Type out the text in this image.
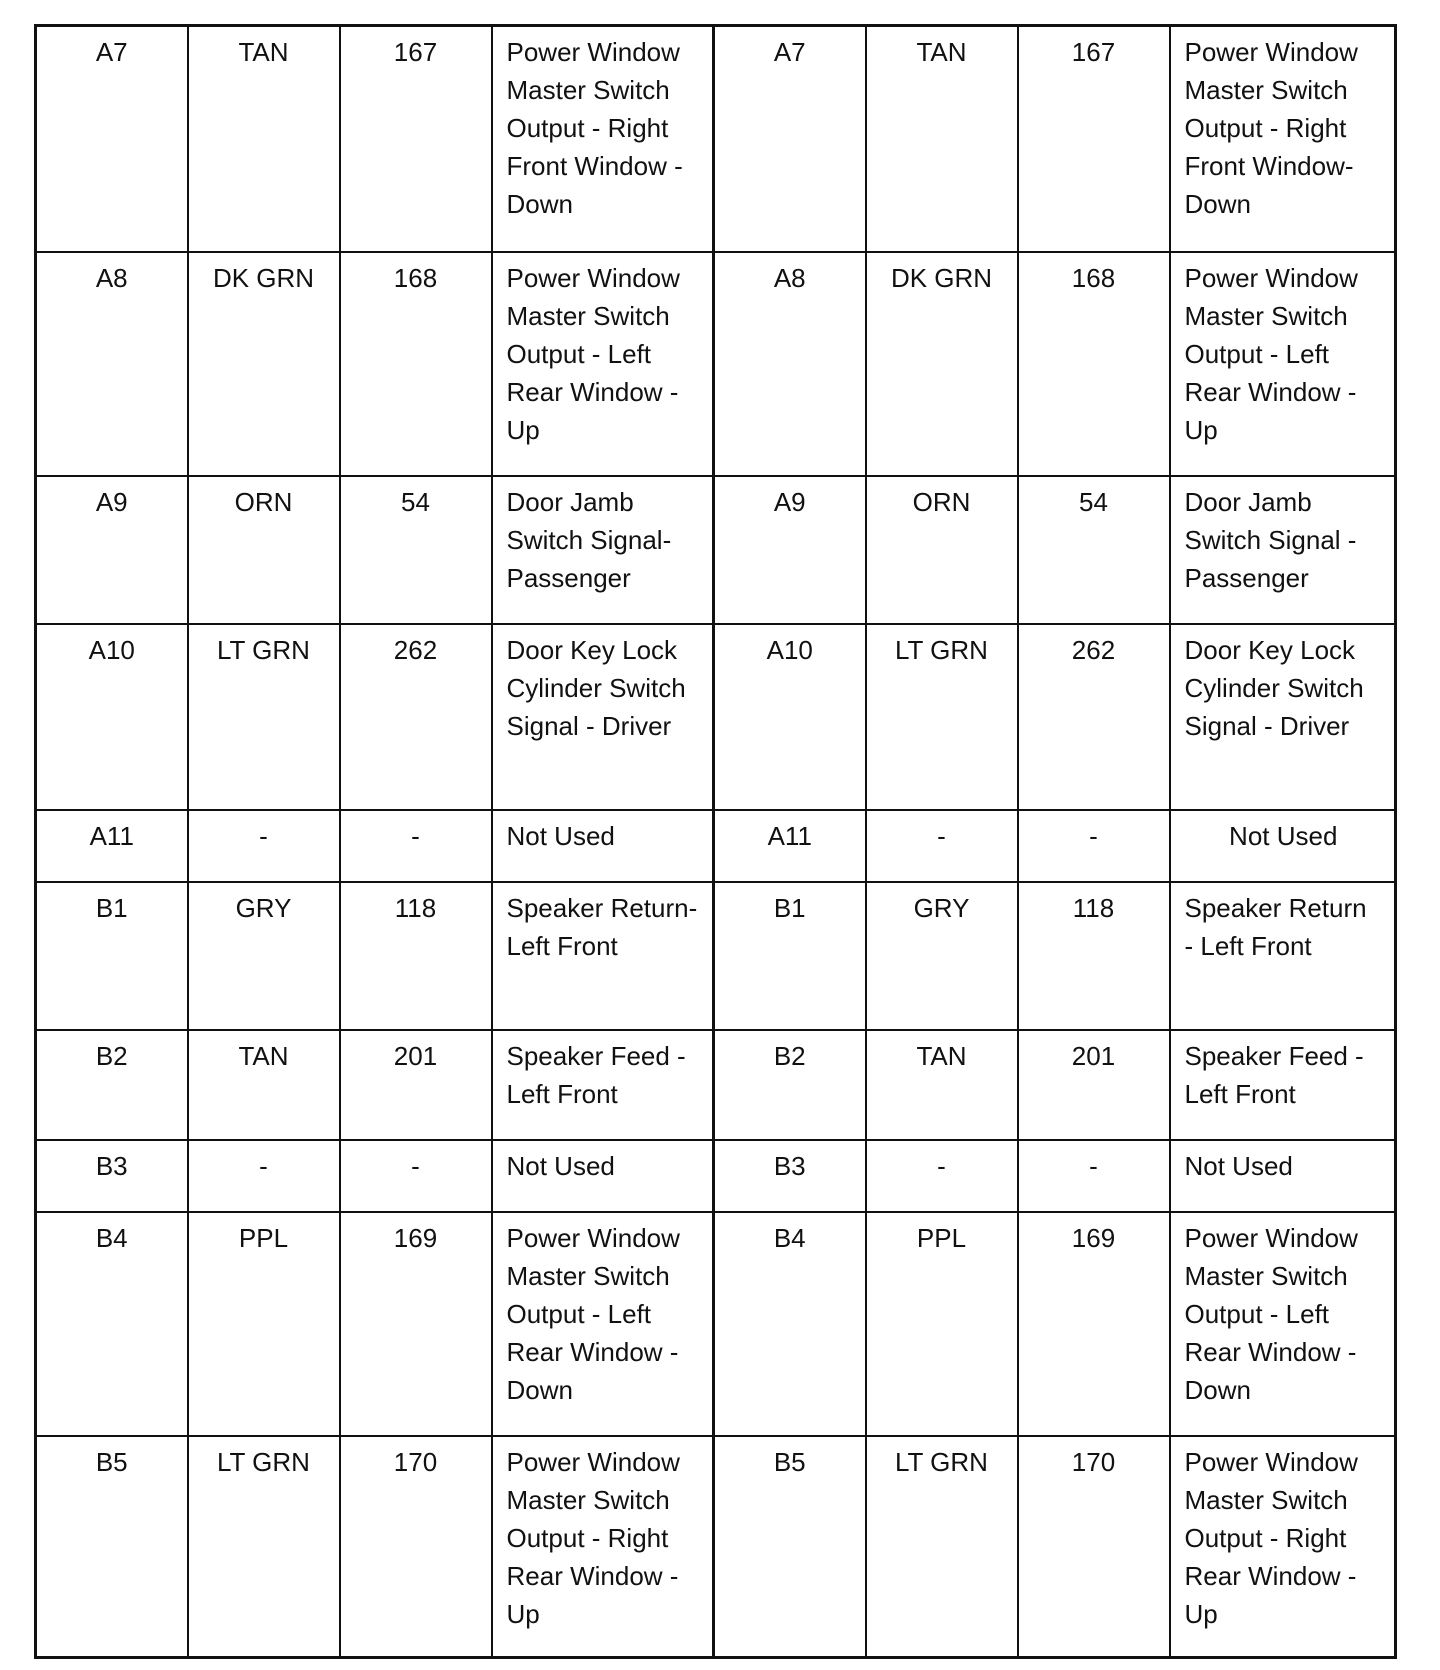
A7	TAN	167	Power Window Master Switch Output - Right Front Window - Down	A7	TAN	167	Power Window Master Switch Output - Right Front Window- Down
A8	DK GRN	168	Power Window Master Switch Output - Left Rear Window - Up	A8	DK GRN	168	Power Window Master Switch Output - Left Rear Window - Up
A9	ORN	54	Door Jamb Switch Signal- Passenger	A9	ORN	54	Door Jamb Switch Signal - Passenger
A10	LT GRN	262	Door Key Lock Cylinder Switch Signal - Driver	A10	LT GRN	262	Door Key Lock Cylinder Switch Signal - Driver
A11	-	-	Not Used	A11	-	-	Not Used
B1	GRY	118	Speaker Return- Left Front	B1	GRY	118	Speaker Return - Left Front
B2	TAN	201	Speaker Feed - Left Front	B2	TAN	201	Speaker Feed - Left Front
B3	-	-	Not Used	B3	-	-	Not Used
B4	PPL	169	Power Window Master Switch Output - Left Rear Window - Down	B4	PPL	169	Power Window Master Switch Output - Left Rear Window - Down
B5	LT GRN	170	Power Window Master Switch Output - Right Rear Window - Up	B5	LT GRN	170	Power Window Master Switch Output - Right Rear Window - Up
